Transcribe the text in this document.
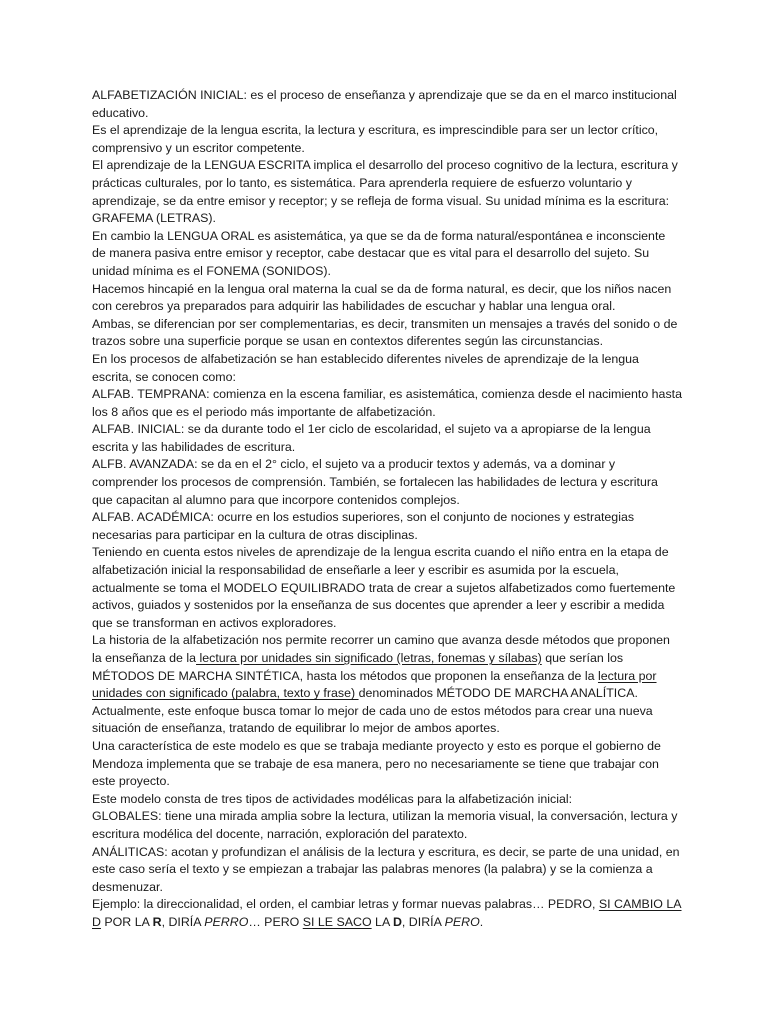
ALFABETIZACIÓN INICIAL: es el proceso de enseñanza y aprendizaje que se da en el marco institucional educativo.

Es el aprendizaje de la lengua escrita, la lectura y escritura, es imprescindible para ser un lector crítico, comprensivo y un escritor competente.

El aprendizaje de la LENGUA ESCRITA implica el desarrollo del proceso cognitivo de la lectura, escritura y prácticas culturales, por lo tanto, es sistemática. Para aprenderla requiere de esfuerzo voluntario y aprendizaje, se da entre emisor y receptor; y se refleja de forma visual. Su unidad mínima es la escritura: GRAFEMA (LETRAS).

En cambio la LENGUA ORAL es asistemática, ya que se da de forma natural/espontánea e inconsciente de manera pasiva entre emisor y receptor, cabe destacar que es vital para el desarrollo del sujeto. Su unidad mínima es el FONEMA (SONIDOS).

Hacemos hincapié en la lengua oral materna la cual se da de forma natural, es decir, que los niños nacen con cerebros ya preparados para adquirir las habilidades de escuchar y hablar una lengua oral.

Ambas, se diferencian por ser complementarias, es decir, transmiten un mensajes a través del sonido o de trazos sobre una superficie porque se usan en contextos diferentes según las circunstancias.

En los procesos de alfabetización se han establecido diferentes niveles de aprendizaje de la lengua escrita, se conocen como:

ALFAB. TEMPRANA: comienza en la escena familiar, es asistemática, comienza desde el nacimiento hasta los 8 años que es el periodo más importante de alfabetización.

ALFAB. INICIAL: se da durante todo el 1er ciclo de escolaridad, el sujeto va a apropiarse de la lengua escrita y las habilidades de escritura.

ALFB. AVANZADA: se da en el 2° ciclo, el sujeto va a producir textos y además, va a dominar y comprender los procesos de comprensión. También, se fortalecen las habilidades de lectura y escritura que capacitan al alumno para que incorpore contenidos complejos.

ALFAB. ACADÉMICA: ocurre en los estudios superiores, son el conjunto de nociones y estrategias necesarias para participar en la cultura de otras disciplinas.

Teniendo en cuenta estos niveles de aprendizaje de la lengua escrita cuando el niño entra en la etapa de alfabetización inicial la responsabilidad de enseñarle a leer y escribir es asumida por la escuela, actualmente se toma el MODELO EQUILIBRADO trata de crear a sujetos alfabetizados como fuertemente activos, guiados y sostenidos por la enseñanza de sus docentes que aprender a leer y escribir a medida que se transforman en activos exploradores.

La historia de la alfabetización nos permite recorrer un camino que avanza desde métodos que proponen la enseñanza de la lectura por unidades sin significado (letras, fonemas y sílabas) que serían los MÉTODOS DE MARCHA SINTÉTICA, hasta los métodos que proponen la enseñanza de la lectura por unidades con significado (palabra, texto y frase) denominados MÉTODO DE MARCHA ANALÍTICA.

Actualmente, este enfoque busca tomar lo mejor de cada uno de estos métodos para crear una nueva situación de enseñanza, tratando de equilibrar lo mejor de ambos aportes.

Una característica de este modelo es que se trabaja mediante proyecto y esto es porque el gobierno de Mendoza implementa que se trabaje de esa manera, pero no necesariamente se tiene que trabajar con este proyecto.

Este modelo consta de tres tipos de actividades modélicas para la alfabetización inicial:

GLOBALES: tiene una mirada amplia sobre la lectura, utilizan la memoria visual, la conversación, lectura y escritura modélica del docente, narración, exploración del paratexto.

ANÁLITICAS: acotan y profundizan el análisis de la lectura y escritura, es decir, se parte de una unidad, en este caso sería el texto y se empiezan a trabajar las palabras menores (la palabra) y se la comienza a desmenuzar.

Ejemplo: la direccionalidad, el orden, el cambiar letras y formar nuevas palabras… PEDRO, SI CAMBIO LA D POR LA R, DIRÍA PERRO… PERO SI LE SACO LA D, DIRÍA PERO.
